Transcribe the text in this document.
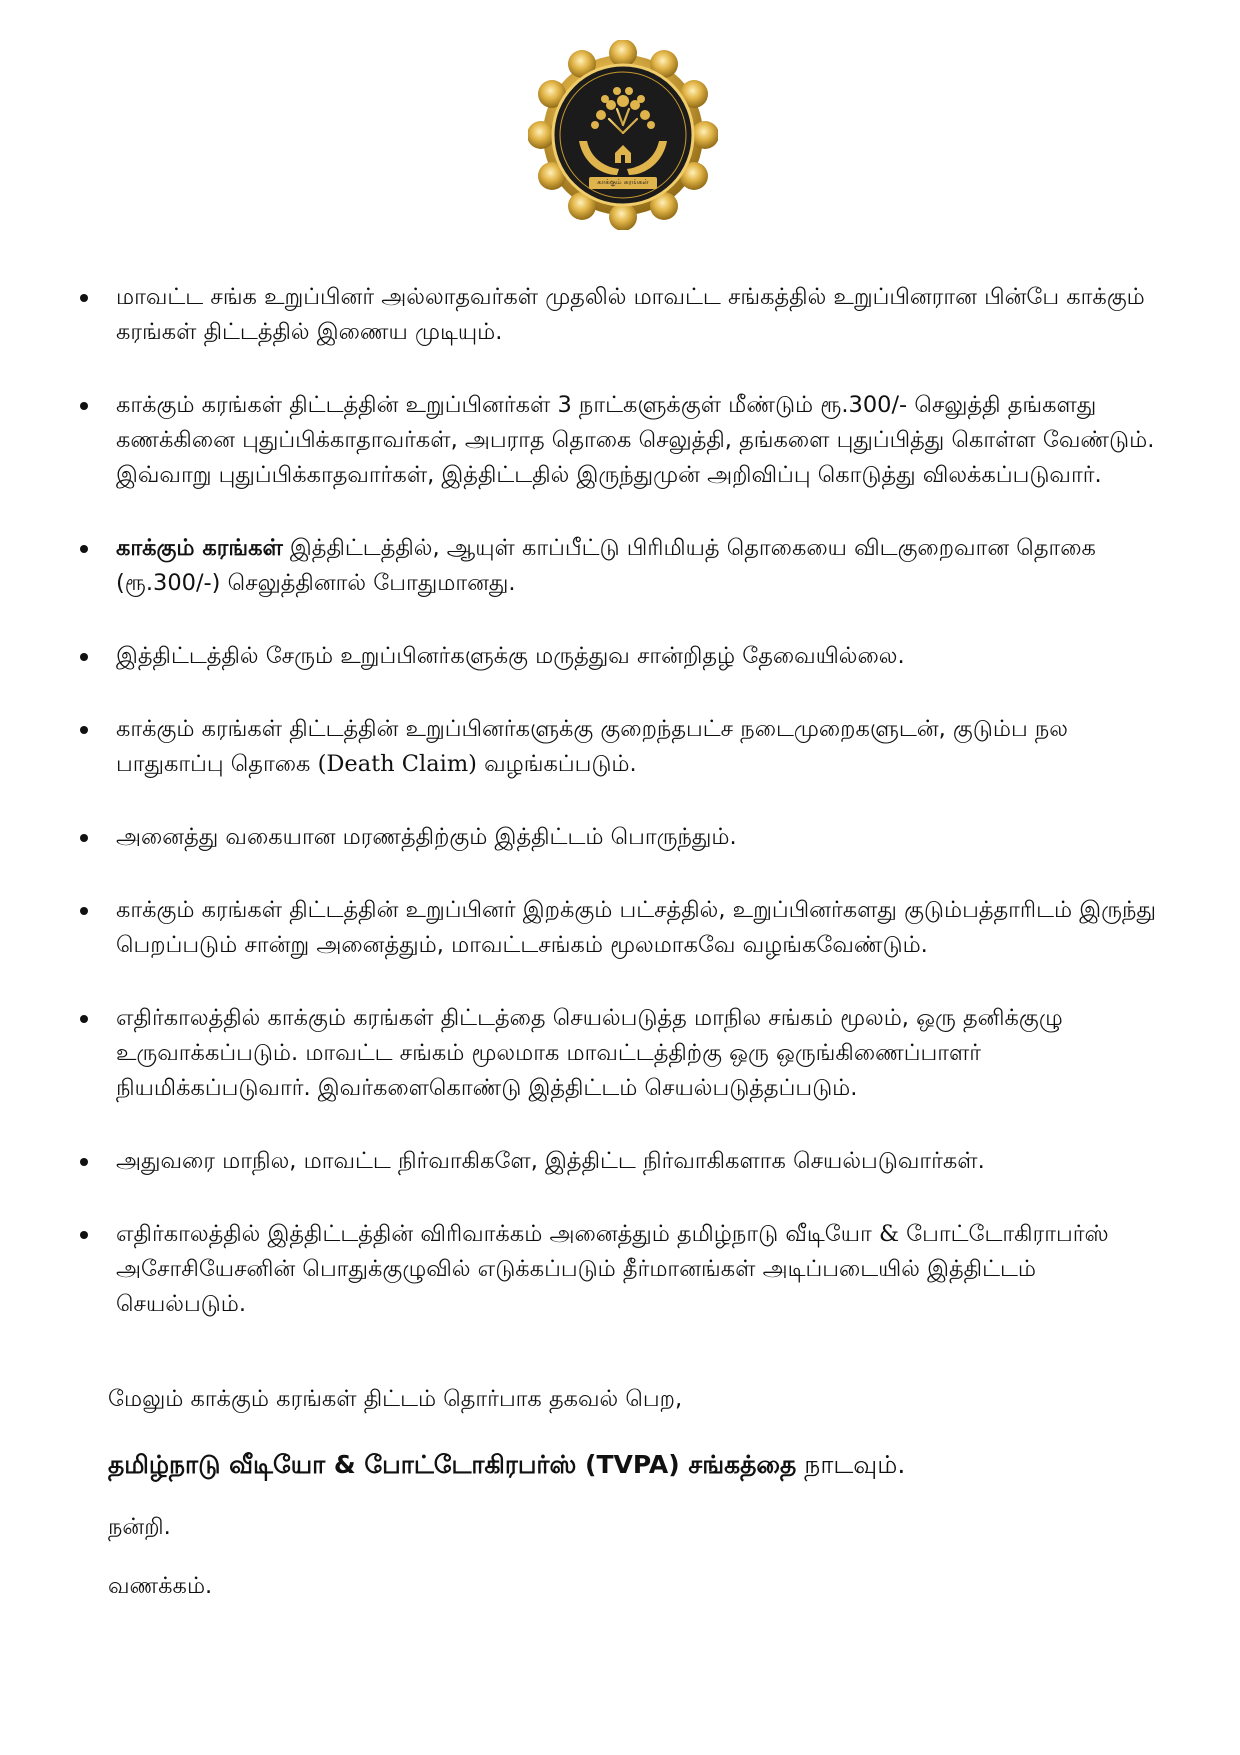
காக்கும் கரங்கள்
மாவட்ட சங்க உறுப்பினர் அல்லாதவர்கள் முதலில் மாவட்ட சங்கத்தில் உறுப்பினரான பின்பே காக்கும் கரங்கள் திட்டத்தில் இணைய முடியும்.
காக்கும் கரங்கள் திட்டத்தின் உறுப்பினர்கள் 3 நாட்களுக்குள் மீண்டும் ரூ.300/- செலுத்தி தங்களது கணக்கினை புதுப்பிக்காதாவர்கள், அபராத தொகை செலுத்தி, தங்களை புதுப்பித்து கொள்ள வேண்டும். இவ்வாறு புதுப்பிக்காதவார்கள், இத்திட்டதில் இருந்துமுன் அறிவிப்பு கொடுத்து விலக்கப்படுவார்.
காக்கும் கரங்கள் இத்திட்டத்தில், ஆயுள் காப்பீட்டு பிரிமியத் தொகையை விடகுறைவான தொகை (ரூ.300/-) செலுத்தினால் போதுமானது.
இத்திட்டத்தில் சேரும் உறுப்பினர்களுக்கு மருத்துவ சான்றிதழ் தேவையில்லை.
காக்கும் கரங்கள் திட்டத்தின் உறுப்பினர்களுக்கு குறைந்தபட்ச நடைமுறைகளுடன், குடும்ப நல பாதுகாப்பு தொகை (Death Claim) வழங்கப்படும்.
அனைத்து வகையான மரணத்திற்கும் இத்திட்டம் பொருந்தும்.
காக்கும் கரங்கள் திட்டத்தின் உறுப்பினர் இறக்கும் பட்சத்தில், உறுப்பினர்களது குடும்பத்தாரிடம் இருந்து பெறப்படும் சான்று அனைத்தும், மாவட்டசங்கம் மூலமாகவே வழங்கவேண்டும்.
எதிர்காலத்தில் காக்கும் கரங்கள் திட்டத்தை செயல்படுத்த மாநில சங்கம் மூலம், ஒரு தனிக்குழு உருவாக்கப்படும். மாவட்ட சங்கம் மூலமாக மாவட்டத்திற்கு ஒரு ஒருங்கிணைப்பாளர் நியமிக்கப்படுவார். இவர்களைகொண்டு இத்திட்டம் செயல்படுத்தப்படும்.
அதுவரை மாநில, மாவட்ட நிர்வாகிகளே, இத்திட்ட நிர்வாகிகளாக செயல்படுவார்கள்.
எதிர்காலத்தில் இத்திட்டத்தின் விரிவாக்கம் அனைத்தும் தமிழ்நாடு வீடியோ & போட்டோகிராபர்ஸ் அசோசியேசனின் பொதுக்குழுவில் எடுக்கப்படும் தீர்மானங்கள் அடிப்படையில் இத்திட்டம் செயல்படும்.

மேலும் காக்கும் கரங்கள் திட்டம் தொர்பாக தகவல் பெற,

தமிழ்நாடு வீடியோ & போட்டோகிரபர்ஸ் (TVPA) சங்கத்தை நாடவும்.

நன்றி.

வணக்கம்.
